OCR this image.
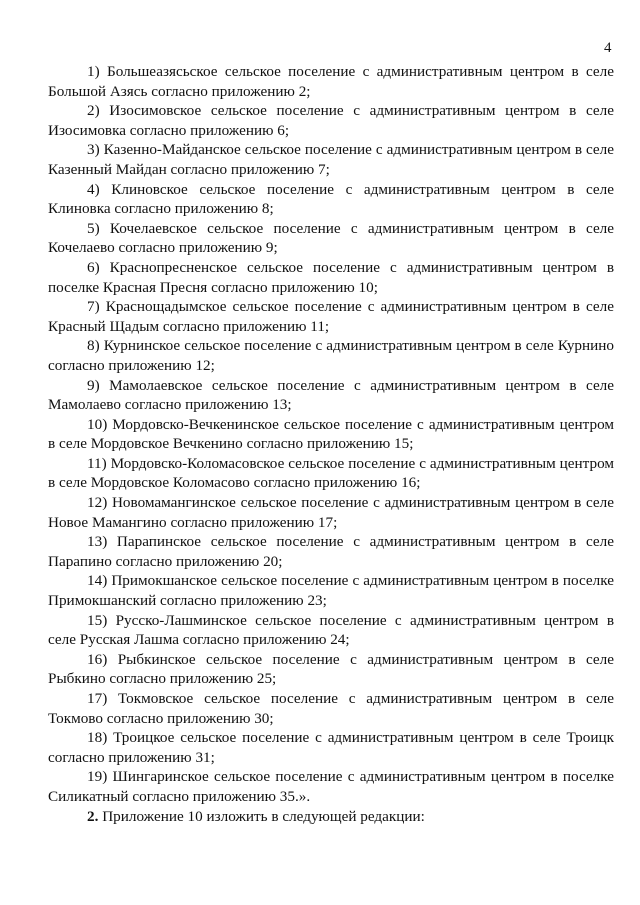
4

1) Большеазясьское сельское поселение с административным центром в селе Большой Азясь согласно приложению 2;

2) Изосимовское сельское поселение с административным центром в селе Изосимовка согласно приложению 6;

3) Казенно-Майданское сельское поселение с административным центром в селе Казенный Майдан согласно приложению 7;

4) Клиновское сельское поселение с административным центром в селе Клиновка согласно приложению 8;

5) Кочелаевское сельское поселение с административным центром в селе Кочелаево согласно приложению 9;

6) Краснопресненское сельское поселение с административным центром в поселке Красная Пресня согласно приложению 10;

7) Краснощадымское сельское поселение с административным центром в селе Красный Щадым согласно приложению 11;

8) Курнинское сельское поселение с административным центром в селе Курнино согласно приложению 12;

9) Мамолаевское сельское поселение с административным центром в селе Мамолаево согласно приложению 13;

10) Мордовско-Вечкенинское сельское поселение с административным центром в селе Мордовское Вечкенино согласно приложению 15;

11) Мордовско-Коломасовское сельское поселение с административным центром в селе Мордовское Коломасово согласно приложению 16;

12) Новомамангинское сельское поселение с административным центром в селе Новое Мамангино согласно приложению 17;

13) Парапинское сельское поселение с административным центром в селе Парапино согласно приложению 20;

14) Примокшанское сельское поселение с административным центром в поселке Примокшанский согласно приложению 23;

15) Русско-Лашминское сельское поселение с административным центром в селе Русская Лашма согласно приложению 24;

16) Рыбкинское сельское поселение с административным центром в селе Рыбкино согласно приложению 25;

17) Токмовское сельское поселение с административным центром в селе Токмово согласно приложению 30;

18) Троицкое сельское поселение с административным центром в селе Троицк согласно приложению 31;

19) Шингаринское сельское поселение с административным центром в поселке Силикатный согласно приложению 35.».

2. Приложение 10 изложить в следующей редакции:
